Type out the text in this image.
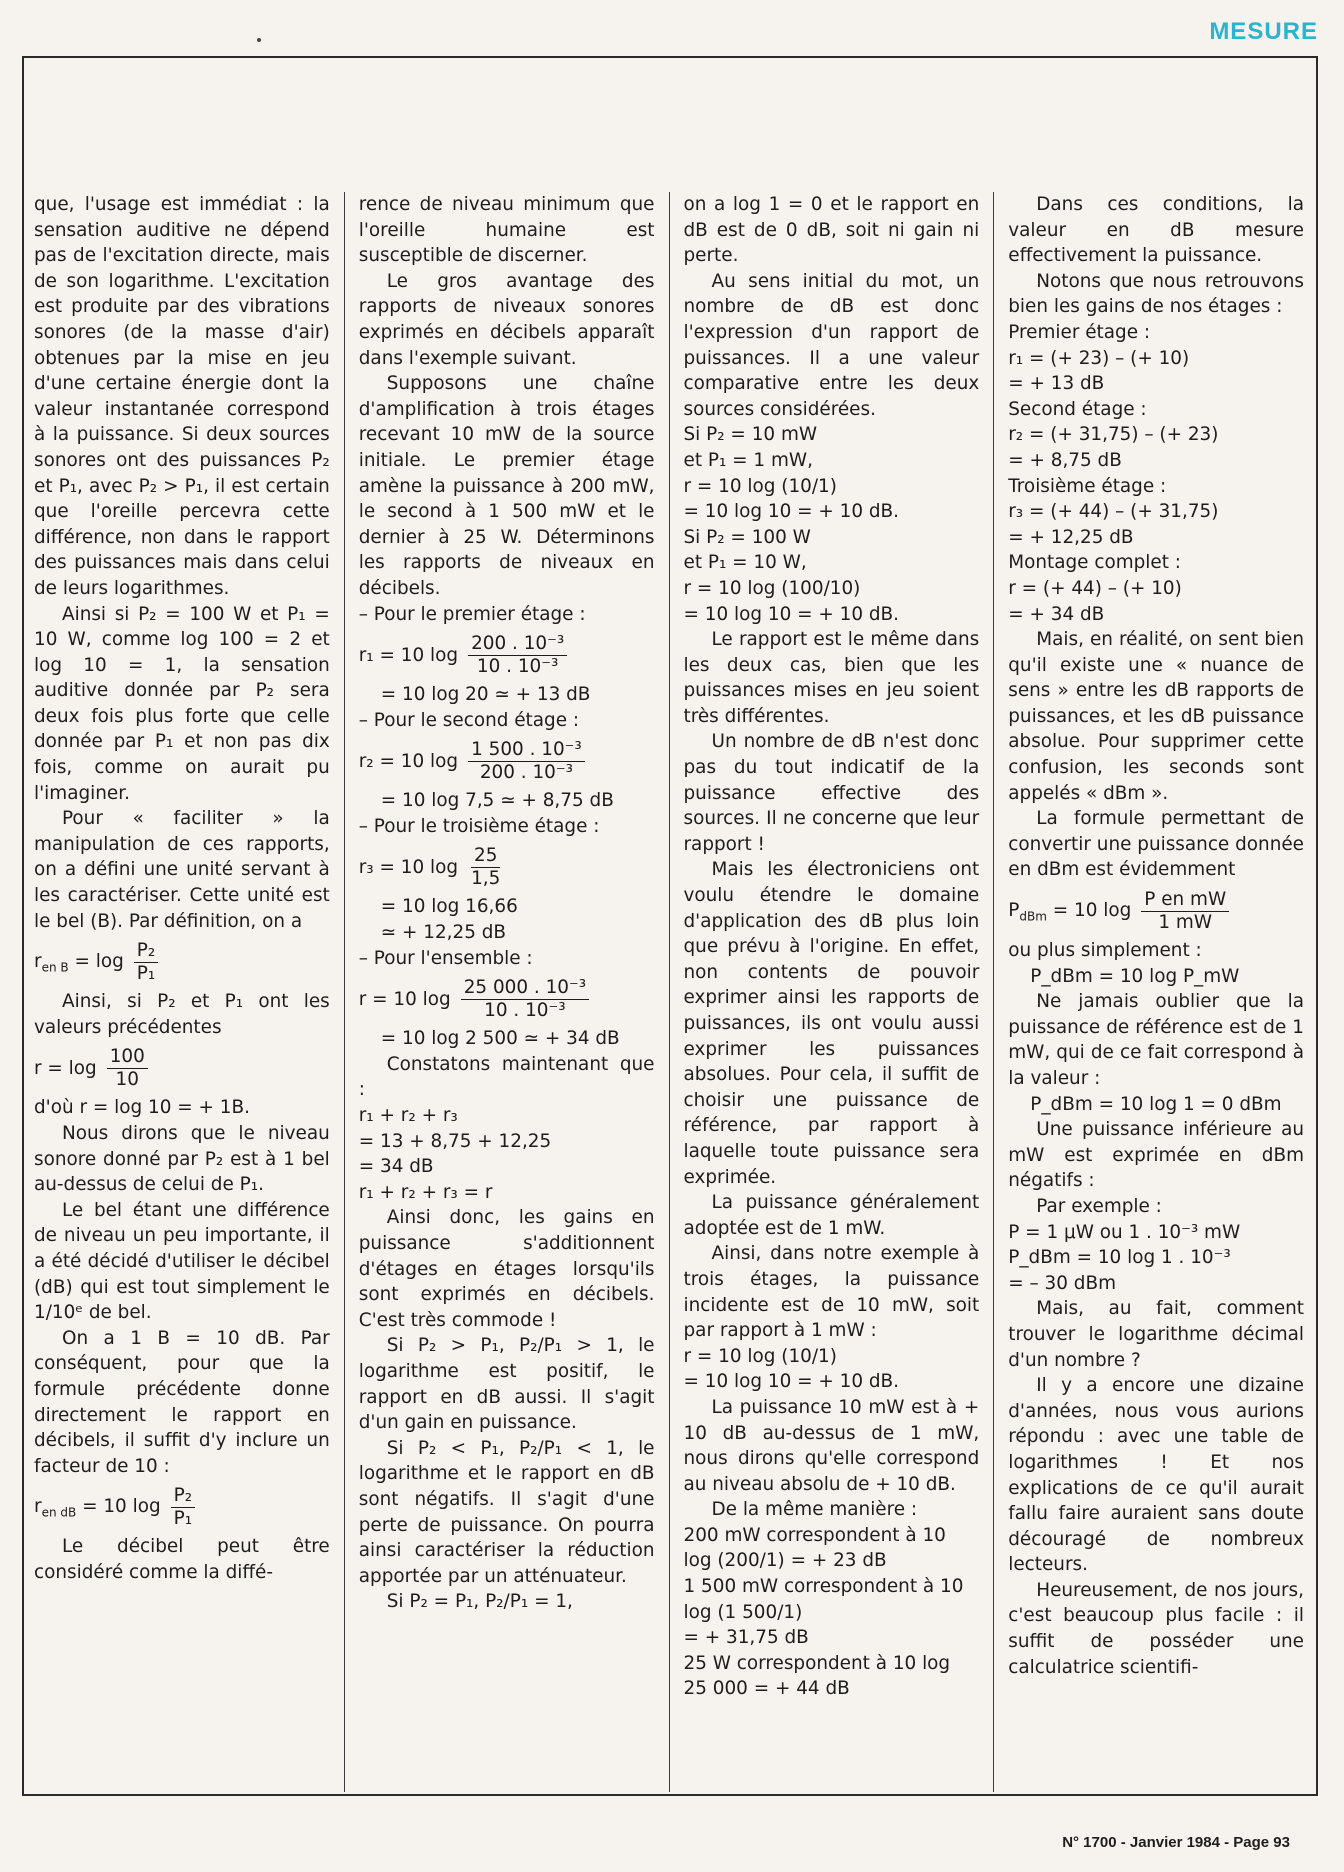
MESURE

que, l'usage est immédiat : la sensation auditive ne dépend pas de l'excitation directe, mais de son logarithme. L'excitation est produite par des vibrations sonores (de la masse d'air) obtenues par la mise en jeu d'une certaine énergie dont la valeur instantanée correspond à la puissance. Si deux sources sonores ont des puissances P₂ et P₁, avec P₂ > P₁, il est certain que l'oreille percevra cette différence, non dans le rapport des puissances mais dans celui de leurs logarithmes.

Ainsi si P₂ = 100 W et P₁ = 10 W, comme log 100 = 2 et log 10 = 1, la sensation auditive donnée par P₂ sera deux fois plus forte que celle donnée par P₁ et non pas dix fois, comme on aurait pu l'imaginer.

Pour « faciliter » la manipulation de ces rapports, on a défini une unité servant à les caractériser. Cette unité est le bel (B). Par définition, on a

$r_{en B} = \log \frac{\text{P₂}}{\text{P₁}}$

Ainsi, si P₂ et P₁ ont les valeurs précédentes

$r = \log \frac{100}{10}$

d'où r = log 10 = + 1B.

Nous dirons que le niveau sonore donné par P₂ est à 1 bel au-dessus de celui de P₁.

Le bel étant une différence de niveau un peu importante, il a été décidé d'utiliser le décibel (dB) qui est tout simplement le 1/10ᵉ de bel.

On a 1 B = 10 dB. Par conséquent, pour que la formule précédente donne directement le rapport en décibels, il suffit d'y inclure un facteur de 10 :

$r_{en dB} = 10$ $\log \frac{\text{P₂}}{\text{P₁}}$

Le décibel peut être considéré comme la diffé-

rence de niveau minimum que l'oreille humaine est susceptible de discerner.

Le gros avantage des rapports de niveaux sonores exprimés en décibels apparaît dans l'exemple suivant.

Supposons une chaîne d'amplification à trois étages recevant 10 mW de la source initiale. Le premier étage amène la puissance à 200 mW, le second à 1 500 mW et le dernier à 25 W. Déterminons les rapports de niveaux en décibels.

– Pour le premier étage :

r₁ = 10 $\log \frac{\text{200 . 10⁻³}}{\text{10 . 10⁻³}}$

= 10 log 20 ≃ + 13 dB

– Pour le second étage :

r₂ = 10 $\log \frac{\text{1 500 . 10⁻³}}{\text{200 . 10⁻³}}$

= 10 log 7,5 ≃ + 8,75 dB

– Pour le troisième étage :

r₃ = 10 $\log \frac{25}{1,5}$

= 10 log 16,66
≃ + 12,25 dB

– Pour l'ensemble :

r = 10 $\log \frac{\text{25 000 . 10⁻³}}{\text{10 . 10⁻³}}$

= 10 log 2 500 ≃ + 34 dB

Constatons maintenant que :

r₁ + r₂ + r₃
= 13 + 8,75 + 12,25
= 34 dB
r₁ + r₂ + r₃ = r

Ainsi donc, les gains en puissance s'additionnent d'étages en étages lorsqu'ils sont exprimés en décibels. C'est très commode !

Si P₂ > P₁, P₂/P₁ > 1, le logarithme est positif, le rapport en dB aussi. Il s'agit d'un gain en puissance.

Si P₂ < P₁, P₂/P₁ < 1, le logarithme et le rapport en dB sont négatifs. Il s'agit d'une perte de puissance. On pourra ainsi caractériser la réduction apportée par un atténuateur.

Si P₂ = P₁, P₂/P₁ = 1,

on a log 1 = 0 et le rapport en dB est de 0 dB, soit ni gain ni perte.

Au sens initial du mot, un nombre de dB est donc l'expression d'un rapport de puissances. Il a une valeur comparative entre les deux sources considérées.

Si P₂ = 10 mW
et P₁ = 1 mW,
r = 10 log (10/1)
= 10 log 10 = + 10 dB.
Si P₂ = 100 W
et P₁ = 10 W,
r = 10 log (100/10)
= 10 log 10 = + 10 dB.

Le rapport est le même dans les deux cas, bien que les puissances mises en jeu soient très différentes.

Un nombre de dB n'est donc pas du tout indicatif de la puissance effective des sources. Il ne concerne que leur rapport !

Mais les électroniciens ont voulu étendre le domaine d'application des dB plus loin que prévu à l'origine. En effet, non contents de pouvoir exprimer ainsi les rapports de puissances, ils ont voulu aussi exprimer les puissances absolues. Pour cela, il suffit de choisir une puissance de référence, par rapport à laquelle toute puissance sera exprimée.

La puissance généralement adoptée est de 1 mW.

Ainsi, dans notre exemple à trois étages, la puissance incidente est de 10 mW, soit par rapport à 1 mW :

r = 10 log (10/1)
= 10 log 10 = + 10 dB.

La puissance 10 mW est à + 10 dB au-dessus de 1 mW, nous dirons qu'elle correspond au niveau absolu de + 10 dB.

De la même manière :

200 mW correspondent à 10 log (200/1) = + 23 dB
1 500 mW correspondent à 10 log (1 500/1)
= + 31,75 dB
25 W correspondent à 10 log 25 000 = + 44 dB

Dans ces conditions, la valeur en dB mesure effectivement la puissance.

Notons que nous retrouvons bien les gains de nos étages :

Premier étage :
r₁ = (+ 23) – (+ 10)
= + 13 dB
Second étage :
r₂ = (+ 31,75) – (+ 23)
= + 8,75 dB
Troisième étage :
r₃ = (+ 44) – (+ 31,75)
= + 12,25 dB
Montage complet :
r = (+ 44) – (+ 10)
= + 34 dB

Mais, en réalité, on sent bien qu'il existe une « nuance de sens » entre les dB rapports de puissances, et les dB puissance absolue. Pour supprimer cette confusion, les seconds sont appelés « dBm ».

La formule permettant de convertir une puissance donnée en dBm est évidemment

$P_{dBm} = 10$ $\log \frac{\text{P en mW}}{1 mW}$

ou plus simplement :

P_dBm = 10 log P_mW

Ne jamais oublier que la puissance de référence est de 1 mW, qui de ce fait correspond à la valeur :

P_dBm = 10 log 1 = 0 dBm

Une puissance inférieure au mW est exprimée en dBm négatifs :

Par exemple :

P = 1 μW ou 1 . 10⁻³ mW
P_dBm = 10 log 1 . 10⁻³
= – 30 dBm

Mais, au fait, comment trouver le logarithme décimal d'un nombre ?

Il y a encore une dizaine d'années, nous vous aurions répondu : avec une table de logarithmes ! Et nos explications de ce qu'il aurait fallu faire auraient sans doute découragé de nombreux lecteurs.

Heureusement, de nos jours, c'est beaucoup plus facile : il suffit de posséder une calculatrice scientifi-

N° 1700 - Janvier 1984 - Page 93
